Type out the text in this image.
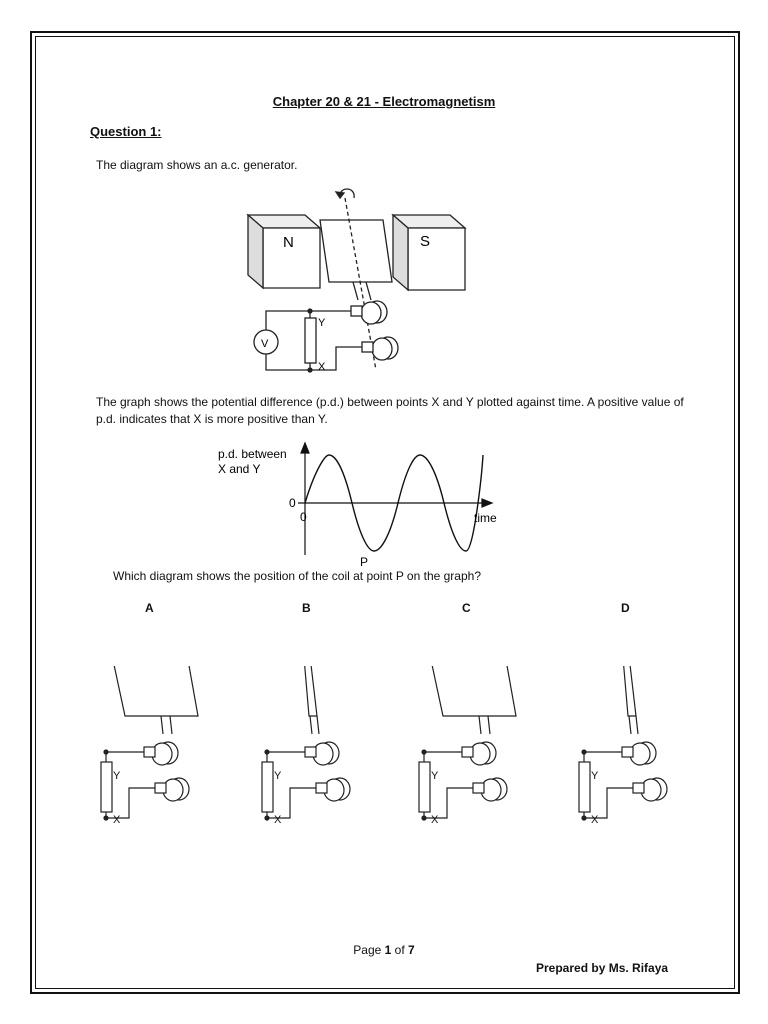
Chapter 20 & 21 - Electromagnetism
Question 1:
The diagram shows an a.c. generator.
N	S
V
Y
X
The graph shows the potential difference (p.d.) between points X and Y plotted against time. A positive value of p.d. indicates that X is more positive than Y.
p.d. between
X and Y
0
0	time
P
Which diagram shows the position of the coil at point P on the graph?
A	B	C	D
Y
X
Y
X
Y
X
Y
X
Page 1 of 7
Prepared by Ms. Rifaya
